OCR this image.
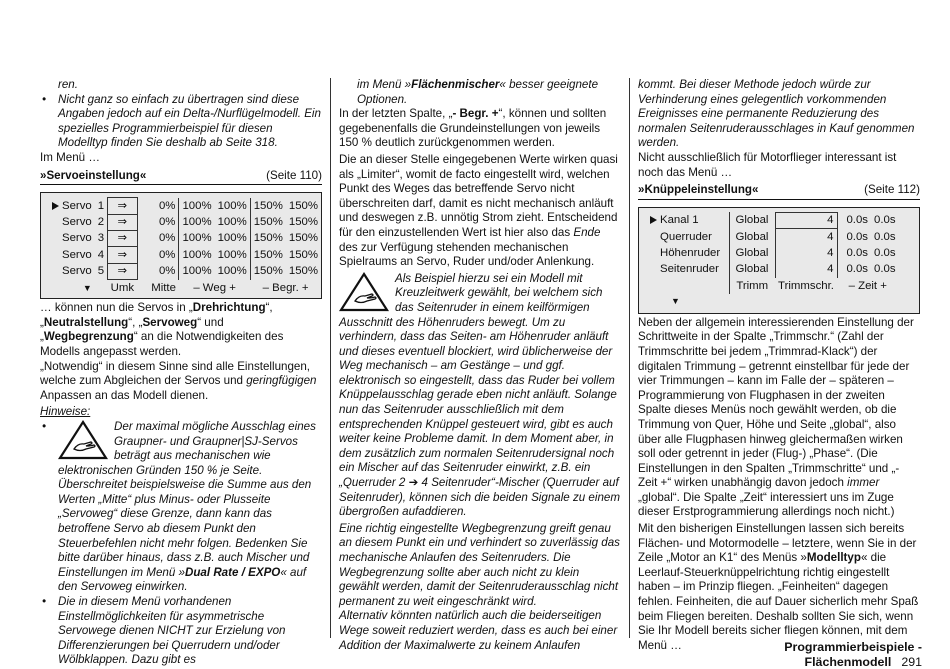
ren.

• Nicht ganz so einfach zu übertragen sind diese Angaben jedoch auf ein Delta-/Nurflügelmodell. Ein spezielles Programmierbeispiel für diesen Modelltyp finden Sie deshalb ab Seite 318.

Im Menü …

»Servoeinstellung«	(Seite 110)
Servo	1	⇒	0%	100%	100%	150%	150%
Servo	2	⇒	0%	100%	100%	150%	150%
Servo	3	⇒	0%	100%	100%	150%	150%
Servo	4	⇒	0%	100%	100%	150%	150%
Servo	5	⇒	0%	100%	100%	150%	150%
▼		Umk	Mitte	– Weg +		– Begr. +	

… können nun die Servos in „Drehrichtung“, „Neutralstellung“, „Servoweg“ und „Wegbegrenzung“ an die Notwendigkeiten des Modells angepasst werden.

„Notwendig“ in diesem Sinne sind alle Einstellungen, welche zum Abgleichen der Servos und geringfügigen Anpassen an das Modell dienen.

Hinweise:

• Der maximal mögliche Ausschlag eines Graupner- und Graupner|SJ-Servos beträgt aus mechanischen wie elektronischen Gründen 150 % je Seite. Überschreitet beispielsweise die Summe aus den Werten „Mitte“ plus Minus- oder Plusseite „Servoweg“ diese Grenze, dann kann das betroffene Servo ab diesem Punkt den Steuerbefehlen nicht mehr folgen. Bedenken Sie bitte darüber hinaus, dass z.B. auch Mischer und Einstellungen im Menü »Dual Rate / EXPO« auf den Servoweg einwirken.

• Die in diesem Menü vorhandenen Einstellmöglichkeiten für asymmetrische Servowege dienen NICHT zur Erzielung von Differenzierungen bei Querrudern und/oder Wölbklappen. Dazu gibt es

im Menü »Flächenmischer« besser geeignete Optionen.

In der letzten Spalte, „- Begr. +“, können und sollten gegebenenfalls die Grundeinstellungen von jeweils 150 % deutlich zurückgenommen werden.

Die an dieser Stelle eingegebenen Werte wirken quasi als „Limiter“, womit de facto eingestellt wird, welchen Punkt des Weges das betreffende Servo nicht überschreiten darf, damit es nicht mechanisch anläuft und deswegen z.B. unnötig Strom zieht. Entscheidend für den einzustellenden Wert ist hier also das Ende des zur Verfügung stehenden mechanischen Spielraums an Servo, Ruder und/oder Anlenkung.

Als Beispiel hierzu sei ein Modell mit Kreuzleitwerk gewählt, bei welchem sich das Seitenruder in einem keilförmigen Ausschnitt des Höhenruders bewegt. Um zu verhindern, dass das Seiten- am Höhenruder anläuft und dieses eventuell blockiert, wird üblicherweise der Weg mechanisch – am Gestänge – und ggf. elektronisch so eingestellt, dass das Ruder bei vollem Knüppelausschlag gerade eben nicht anläuft. Solange nun das Seitenruder ausschließlich mit dem entsprechenden Knüppel gesteuert wird, gibt es auch weiter keine Probleme damit. In dem Moment aber, in dem zusätzlich zum normalen Seitenrudersignal noch ein Mischer auf das Seitenruder einwirkt, z.B. ein „Querruder 2 ➔ 4 Seitenruder“-Mischer (Querruder auf Seitenruder), können sich die beiden Signale zu einem übergroßen aufaddieren.

Eine richtig eingestellte Wegbegrenzung greift genau an diesem Punkt ein und verhindert so zuverlässig das mechanische Anlaufen des Seitenruders. Die Wegbegrenzung sollte aber auch nicht zu klein gewählt werden, damit der Seitenruderausschlag nicht permanent zu weit eingeschränkt wird.

Alternativ könnten natürlich auch die beiderseitigen Wege soweit reduziert werden, dass es auch bei einer Addition der Maximalwerte zu keinem Anlaufen

kommt. Bei dieser Methode jedoch würde zur Verhinderung eines gelegentlich vorkommenden Ereignisses eine permanente Reduzierung des normalen Seitenruderausschlages in Kauf genommen werden.

Nicht ausschließlich für Motorflieger interessant ist noch das Menü …

»Knüppeleinstellung«	(Seite 112)
Kanal 1	Global	4	0.0s	0.0s
Querruder	Global	4	0.0s	0.0s
Höhenruder	Global	4	0.0s	0.0s
Seitenruder	Global	4	0.0s	0.0s
	Trimm	Trimmschr.	– Zeit +	
▼

Neben der allgemein interessierenden Einstellung der Schrittweite in der Spalte „Trimmschr.“ (Zahl der Trimmschritte bei jedem „Trimmrad-Klack“) der digitalen Trimmung – getrennt einstellbar für jede der vier Trimmungen – kann im Falle der – späteren – Programmierung von Flugphasen in der zweiten Spalte dieses Menüs noch gewählt werden, ob die Trimmung von Quer, Höhe und Seite „global“, also über alle Flugphasen hinweg gleichermaßen wirken soll oder getrennt in jeder (Flug-) „Phase“. (Die Einstellungen in den Spalten „Trimmschritte“ und „- Zeit +“ wirken unabhängig davon jedoch immer „global“. Die Spalte „Zeit“ interessiert uns im Zuge dieser Erstprogrammierung allerdings noch nicht.)

Mit den bisherigen Einstellungen lassen sich bereits Flächen- und Motormodelle – letztere, wenn Sie in der Zeile „Motor an K1“ des Menüs »Modelltyp« die Leerlauf-Steuerknüppelrichtung richtig eingestellt haben – im Prinzip fliegen. „Feinheiten“ dagegen fehlen. Feinheiten, die auf Dauer sicherlich mehr Spaß beim Fliegen bereiten. Deshalb sollten Sie sich, wenn Sie Ihr Modell bereits sicher fliegen können, mit dem Menü …	Programmierbeispiele - Flächenmodell 291
